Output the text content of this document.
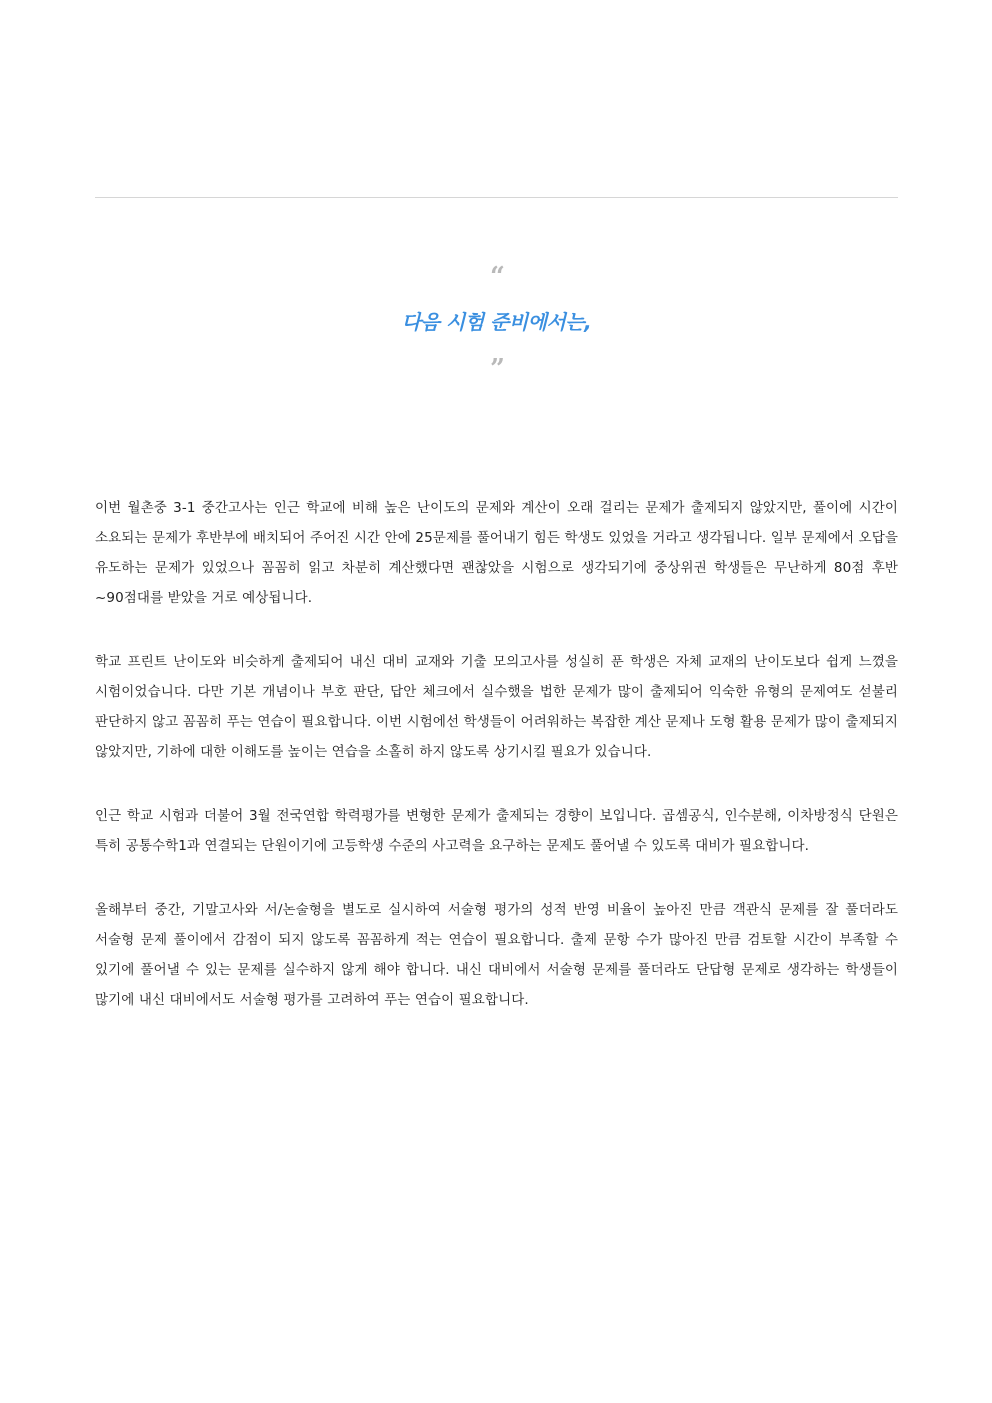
“
다음 시험 준비에서는,
”

이번 월촌중 3-1 중간고사는 인근 학교에 비해 높은 난이도의 문제와 계산이 오래 걸리는 문제가 출제되지 않았지만, 풀이에 시간이 소요되는 문제가 후반부에 배치되어 주어진 시간 안에 25문제를 풀어내기 힘든 학생도 있었을 거라고 생각됩니다. 일부 문제에서 오답을 유도하는 문제가 있었으나 꼼꼼히 읽고 차분히 계산했다면 괜찮았을 시험으로 생각되기에 중상위권 학생들은 무난하게 80점 후반~90점대를 받았을 거로 예상됩니다.

학교 프린트 난이도와 비슷하게 출제되어 내신 대비 교재와 기출 모의고사를 성실히 푼 학생은 자체 교재의 난이도보다 쉽게 느꼈을 시험이었습니다. 다만 기본 개념이나 부호 판단, 답안 체크에서 실수했을 법한 문제가 많이 출제되어 익숙한 유형의 문제여도 섣불리 판단하지 않고 꼼꼼히 푸는 연습이 필요합니다. 이번 시험에선 학생들이 어려워하는 복잡한 계산 문제나 도형 활용 문제가 많이 출제되지 않았지만, 기하에 대한 이해도를 높이는 연습을 소홀히 하지 않도록 상기시킬 필요가 있습니다.

인근 학교 시험과 더불어 3월 전국연합 학력평가를 변형한 문제가 출제되는 경향이 보입니다. 곱셈공식, 인수분해, 이차방정식 단원은 특히 공통수학1과 연결되는 단원이기에 고등학생 수준의 사고력을 요구하는 문제도 풀어낼 수 있도록 대비가 필요합니다.

올해부터 중간, 기말고사와 서/논술형을 별도로 실시하여 서술형 평가의 성적 반영 비율이 높아진 만큼 객관식 문제를 잘 풀더라도 서술형 문제 풀이에서 감점이 되지 않도록 꼼꼼하게 적는 연습이 필요합니다. 출제 문항 수가 많아진 만큼 검토할 시간이 부족할 수 있기에 풀어낼 수 있는 문제를 실수하지 않게 해야 합니다. 내신 대비에서 서술형 문제를 풀더라도 단답형 문제로 생각하는 학생들이 많기에 내신 대비에서도 서술형 평가를 고려하여 푸는 연습이 필요합니다.
